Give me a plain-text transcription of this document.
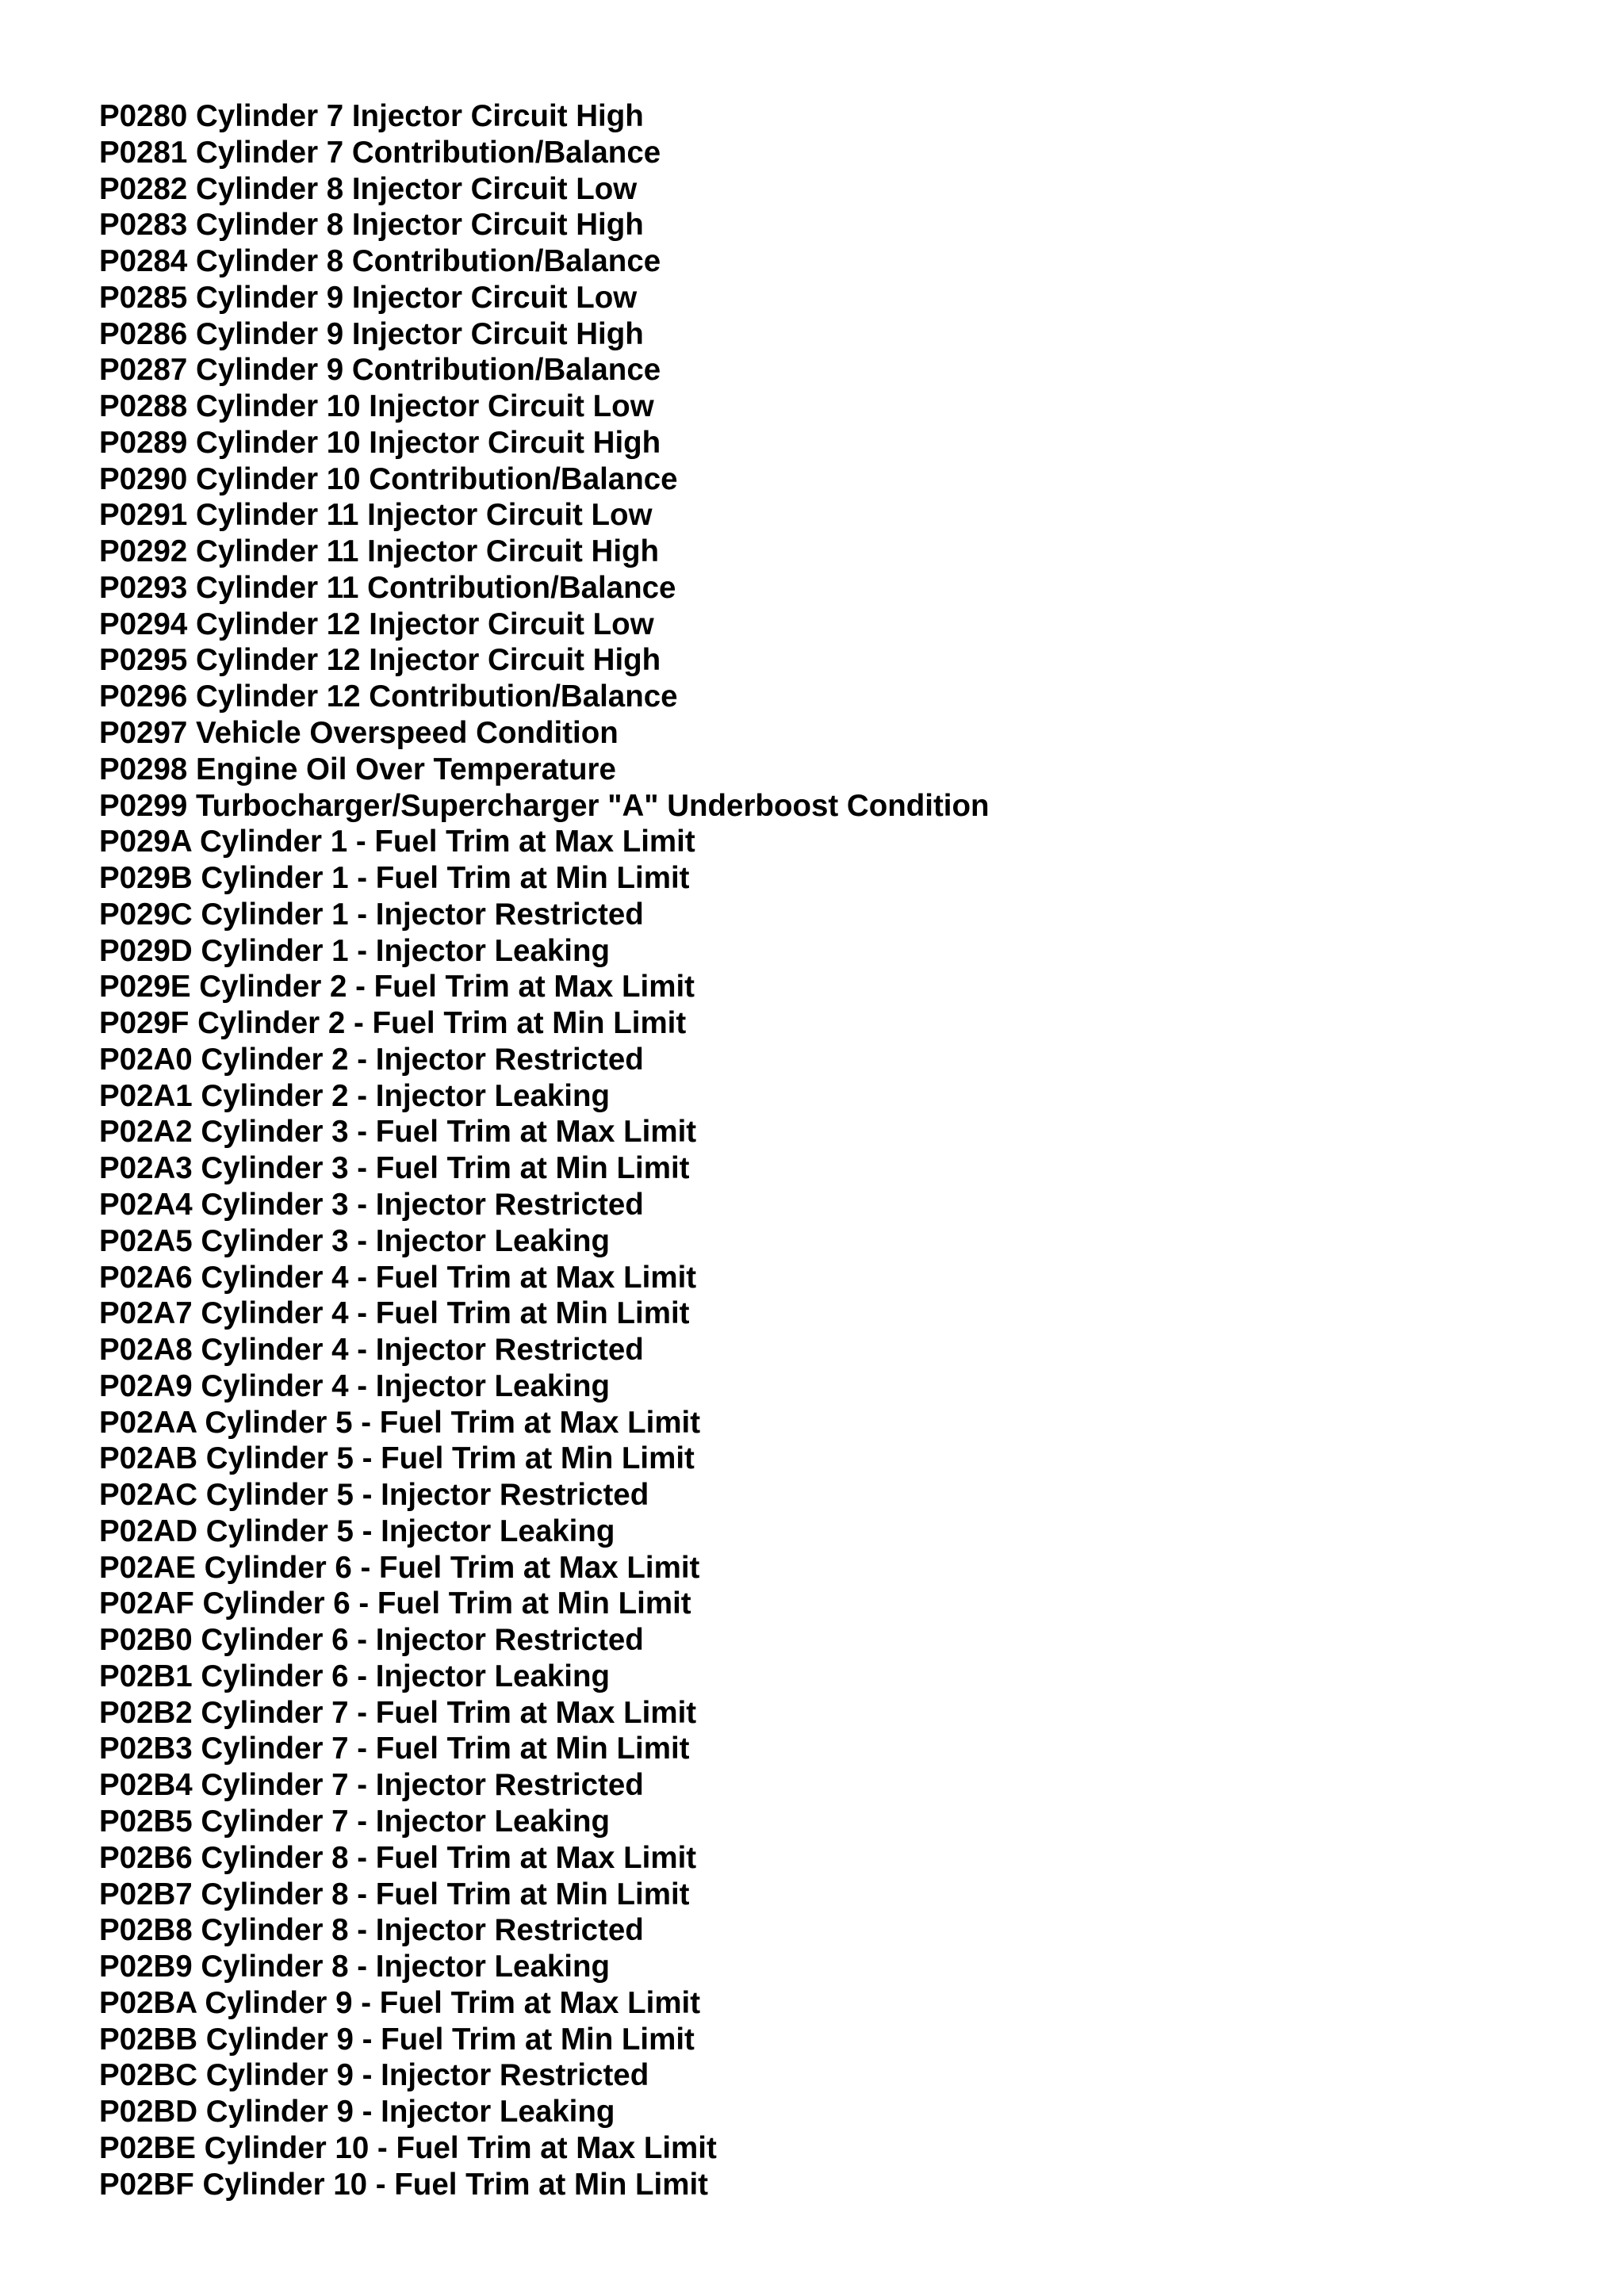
P0280 Cylinder 7 Injector Circuit High
P0281 Cylinder 7 Contribution/Balance
P0282 Cylinder 8 Injector Circuit Low
P0283 Cylinder 8 Injector Circuit High
P0284 Cylinder 8 Contribution/Balance
P0285 Cylinder 9 Injector Circuit Low
P0286 Cylinder 9 Injector Circuit High
P0287 Cylinder 9 Contribution/Balance
P0288 Cylinder 10 Injector Circuit Low
P0289 Cylinder 10 Injector Circuit High
P0290 Cylinder 10 Contribution/Balance
P0291 Cylinder 11 Injector Circuit Low
P0292 Cylinder 11 Injector Circuit High
P0293 Cylinder 11 Contribution/Balance
P0294 Cylinder 12 Injector Circuit Low
P0295 Cylinder 12 Injector Circuit High
P0296 Cylinder 12 Contribution/Balance
P0297 Vehicle Overspeed Condition
P0298 Engine Oil Over Temperature
P0299 Turbocharger/Supercharger "A" Underboost Condition
P029A Cylinder 1 - Fuel Trim at Max Limit
P029B Cylinder 1 - Fuel Trim at Min Limit
P029C Cylinder 1 - Injector Restricted
P029D Cylinder 1 - Injector Leaking
P029E Cylinder 2 - Fuel Trim at Max Limit
P029F Cylinder 2 - Fuel Trim at Min Limit
P02A0 Cylinder 2 - Injector Restricted
P02A1 Cylinder 2 - Injector Leaking
P02A2 Cylinder 3 - Fuel Trim at Max Limit
P02A3 Cylinder 3 - Fuel Trim at Min Limit
P02A4 Cylinder 3 - Injector Restricted
P02A5 Cylinder 3 - Injector Leaking
P02A6 Cylinder 4 - Fuel Trim at Max Limit
P02A7 Cylinder 4 - Fuel Trim at Min Limit
P02A8 Cylinder 4 - Injector Restricted
P02A9 Cylinder 4 - Injector Leaking
P02AA Cylinder 5 - Fuel Trim at Max Limit
P02AB Cylinder 5 - Fuel Trim at Min Limit
P02AC Cylinder 5 - Injector Restricted
P02AD Cylinder 5 - Injector Leaking
P02AE Cylinder 6 - Fuel Trim at Max Limit
P02AF Cylinder 6 - Fuel Trim at Min Limit
P02B0 Cylinder 6 - Injector Restricted
P02B1 Cylinder 6 - Injector Leaking
P02B2 Cylinder 7 - Fuel Trim at Max Limit
P02B3 Cylinder 7 - Fuel Trim at Min Limit
P02B4 Cylinder 7 - Injector Restricted
P02B5 Cylinder 7 - Injector Leaking
P02B6 Cylinder 8 - Fuel Trim at Max Limit
P02B7 Cylinder 8 - Fuel Trim at Min Limit
P02B8 Cylinder 8 - Injector Restricted
P02B9 Cylinder 8 - Injector Leaking
P02BA Cylinder 9 - Fuel Trim at Max Limit
P02BB Cylinder 9 - Fuel Trim at Min Limit
P02BC Cylinder 9 - Injector Restricted
P02BD Cylinder 9 - Injector Leaking
P02BE Cylinder 10 - Fuel Trim at Max Limit
P02BF Cylinder 10 - Fuel Trim at Min Limit
